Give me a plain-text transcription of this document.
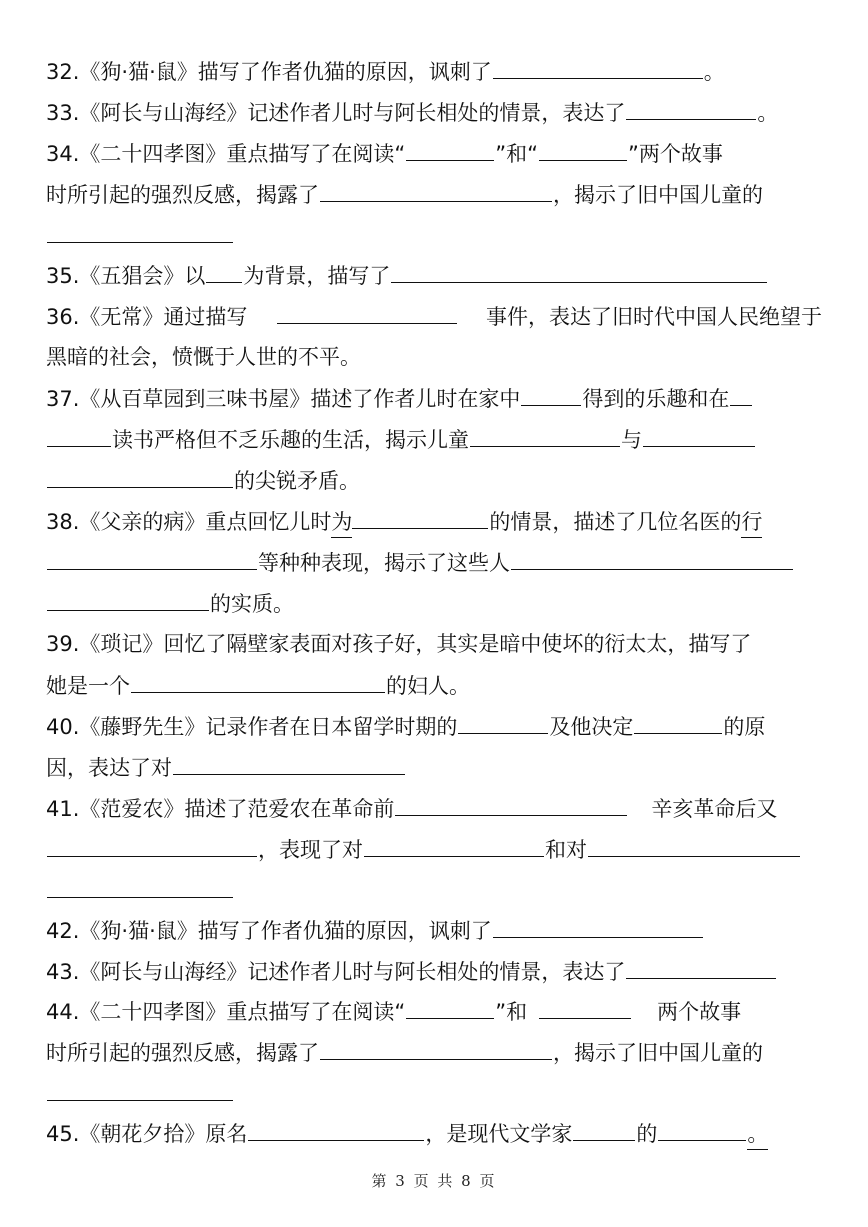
32.《狗·猫·鼠》描写了作者仇猫的原因，讽刺了	。
33.《阿长与山海经》记述作者儿时与阿长相处的情景，表达了	。
34.《二十四孝图》重点描写了在阅读“	”和“	”两个故事
时所引起的强烈反感，揭露了	，揭示了旧中国儿童的
35.《五猖会》以 为背景，描写了
36.《无常》通过描写	事件，表达了旧时代中国人民绝望于
黑暗的社会，愤慨于人世的不平。
37.《从百草园到三味书屋》描述了作者儿时在家中	得到的乐趣和在
读书严格但不乏乐趣的生活，揭示儿童	与
的尖锐矛盾。
38.《父亲的病》重点回忆儿时 为	的情景，描述了几位名医的 行
等种种表现，揭示了这些人
的实质。
39.《琐记》回忆了隔壁家表面对孩子好，其实是暗中使坏的衍太太，描写了
她是一个	的妇人。
40.《藤野先生》记录作者在日本留学时期的	及他决定	的原
因，表达了对
41.《范爱农》描述了范爱农在革命前	辛亥革命后又
，表现了对	和对
42.《狗·猫·鼠》描写了作者仇猫的原因，讽刺了
43.《阿长与山海经》记述作者儿时与阿长相处的情景，表达了
44.《二十四孝图》重点描写了在阅读“	”和	两个故事
时所引起的强烈反感，揭露了	，揭示了旧中国儿童的
45.《朝花夕拾》原名	，是现代文学家	的	。
第 3 页 共 8 页
